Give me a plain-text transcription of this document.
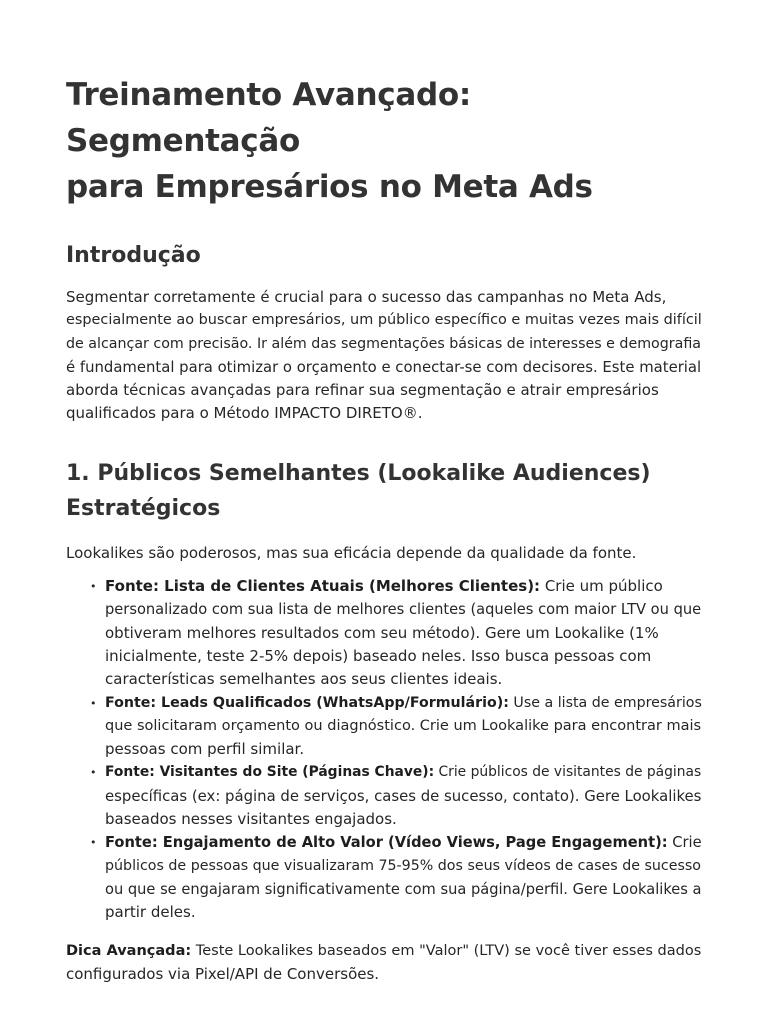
Treinamento Avançado: Segmentação
para Empresários no Meta Ads
Introdução

Segmentar corretamente é crucial para o sucesso das campanhas no Meta Ads,
especialmente ao buscar empresários, um público específico e muitas vezes mais difícil
de alcançar com precisão. Ir além das segmentações básicas de interesses e demografia
é fundamental para otimizar o orçamento e conectar-se com decisores. Este material
aborda técnicas avançadas para refinar sua segmentação e atrair empresários
qualificados para o Método IMPACTO DIRETO®.

1. Públicos Semelhantes (Lookalike Audiences)
Estratégicos

Lookalikes são poderosos, mas sua eficácia depende da qualidade da fonte.

• Fonte: Lista de Clientes Atuais (Melhores Clientes): Crie um público
personalizado com sua lista de melhores clientes (aqueles com maior LTV ou que
obtiveram melhores resultados com seu método). Gere um Lookalike (1%
inicialmente, teste 2-5% depois) baseado neles. Isso busca pessoas com
características semelhantes aos seus clientes ideais.
• Fonte: Leads Qualificados (WhatsApp/Formulário): Use a lista de empresários
que solicitaram orçamento ou diagnóstico. Crie um Lookalike para encontrar mais
pessoas com perfil similar.
• Fonte: Visitantes do Site (Páginas Chave): Crie públicos de visitantes de páginas
específicas (ex: página de serviços, cases de sucesso, contato). Gere Lookalikes
baseados nesses visitantes engajados.
• Fonte: Engajamento de Alto Valor (Vídeo Views, Page Engagement): Crie
públicos de pessoas que visualizaram 75-95% dos seus vídeos de cases de sucesso
ou que se engajaram significativamente com sua página/perfil. Gere Lookalikes a
partir deles.

Dica Avançada: Teste Lookalikes baseados em "Valor" (LTV) se você tiver esses dados
configurados via Pixel/API de Conversões.
